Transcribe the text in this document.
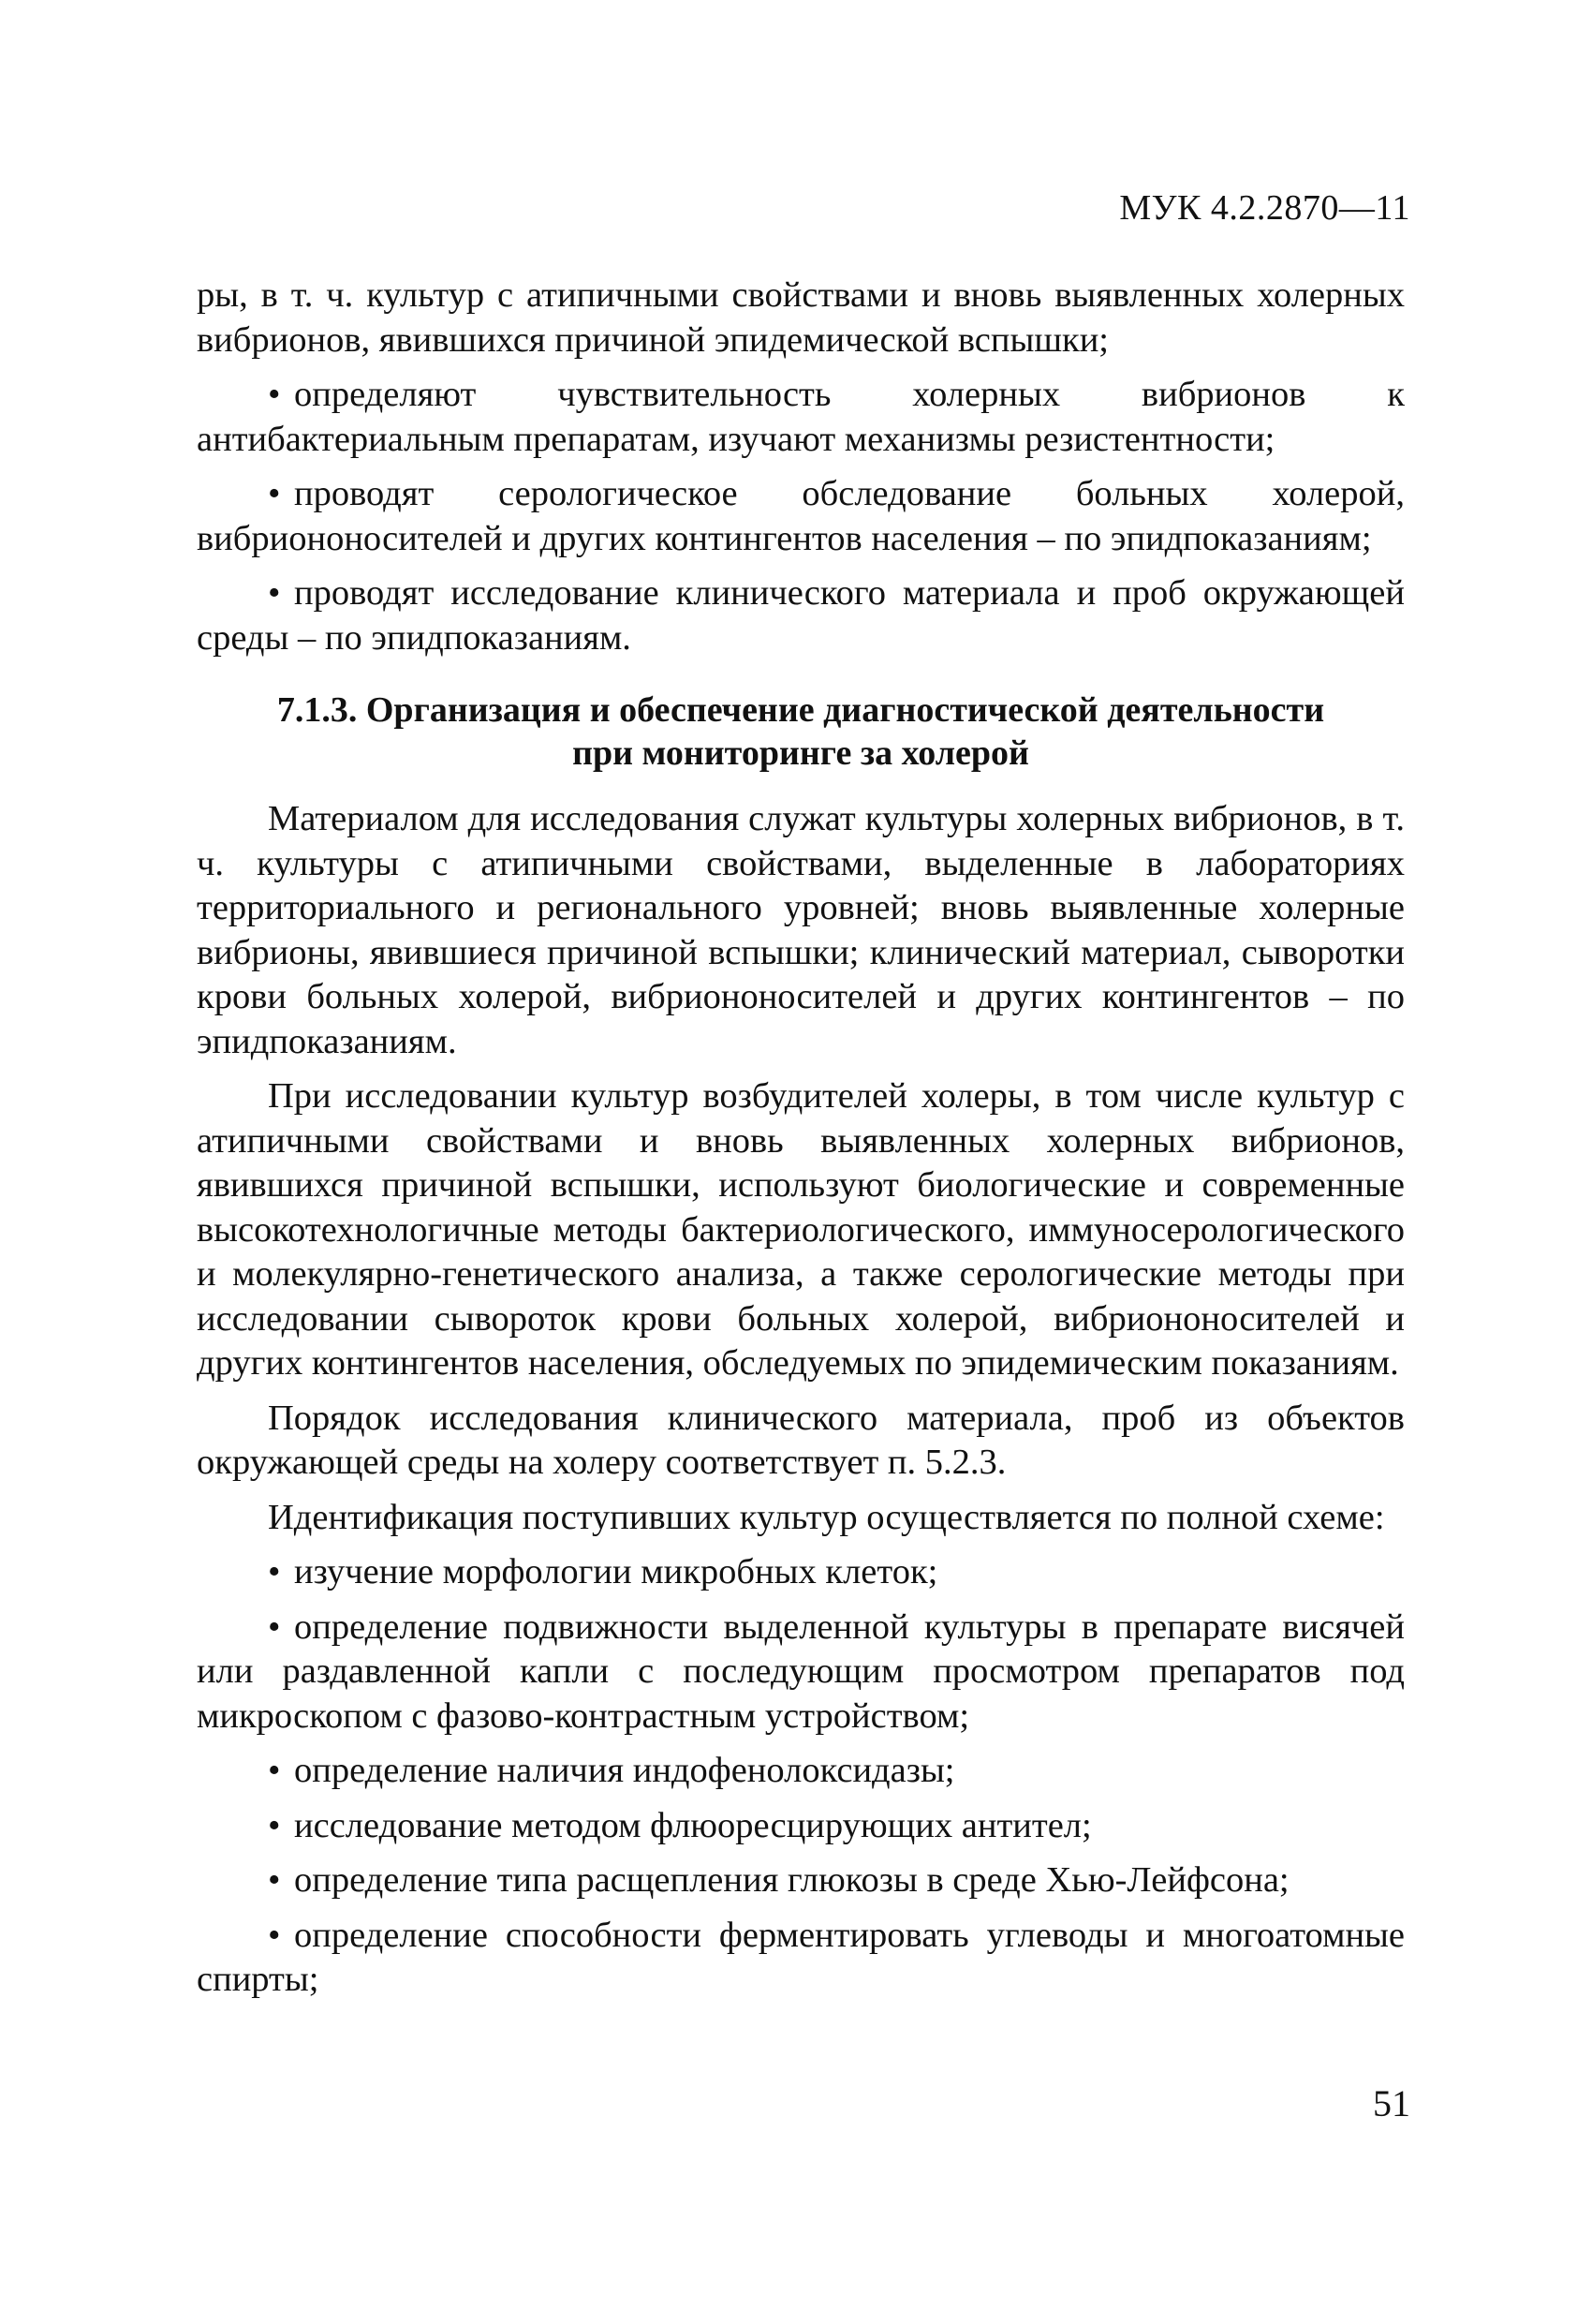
МУК 4.2.2870—11

ры, в т. ч. культур с атипичными свойствами и вновь выявленных холерных вибрионов, явившихся причиной эпидемической вспышки;

• определяют чувствительность холерных вибрионов к антибактериальным препаратам, изучают механизмы резистентности;

• проводят серологическое обследование больных холерой, вибриононосителей и других контингентов населения – по эпидпоказаниям;

• проводят исследование клинического материала и проб окружающей среды – по эпидпоказаниям.

7.1.3. Организация и обеспечение диагностической деятельности
при мониторинге за холерой

Материалом для исследования служат культуры холерных вибрионов, в т. ч. культуры с атипичными свойствами, выделенные в лабораториях территориального и регионального уровней; вновь выявленные холерные вибрионы, явившиеся причиной вспышки; клинический материал, сыворотки крови больных холерой, вибриононосителей и других контингентов – по эпидпоказаниям.

При исследовании культур возбудителей холеры, в том числе культур с атипичными свойствами и вновь выявленных холерных вибрионов, явившихся причиной вспышки, используют биологические и современные высокотехнологичные методы бактериологического, иммуносерологического и молекулярно-генетического анализа, а также серологические методы при исследовании сывороток крови больных холерой, вибриононосителей и других контингентов населения, обследуемых по эпидемическим показаниям.

Порядок исследования клинического материала, проб из объектов окружающей среды на холеру соответствует п. 5.2.3.

Идентификация поступивших культур осуществляется по полной схеме:

• изучение морфологии микробных клеток;

• определение подвижности выделенной культуры в препарате висячей или раздавленной капли с последующим просмотром препаратов под микроскопом с фазово-контрастным устройством;

• определение наличия индофенолоксидазы;

• исследование методом флюоресцирующих антител;

• определение типа расщепления глюкозы в среде Хью-Лейфсона;

• определение способности ферментировать углеводы и многоатомные спирты;

51
